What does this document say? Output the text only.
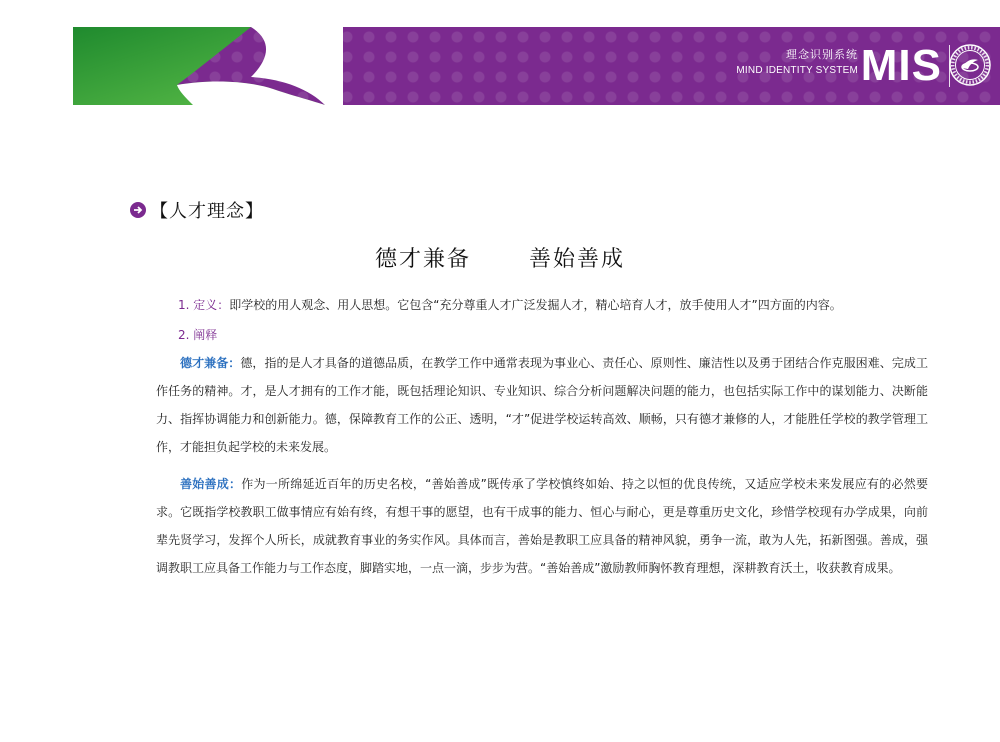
理念识别系统
MIND IDENTITY SYSTEM MIS
【人才理念】
德才兼备	善始善成
1. 定义：即学校的用人观念、用人思想。它包含“充分尊重人才广泛发掘人才，精心培育人才，放手使用人才”四方面的内容。
2. 阐释

德才兼备：德，指的是人才具备的道德品质，在教学工作中通常表现为事业心、责任心、原则性、廉洁性以及勇于团结合作克服困难、完成工作任务的精神。才，是人才拥有的工作才能，既包括理论知识、专业知识、综合分析问题解决问题的能力，也包括实际工作中的谋划能力、决断能力、指挥协调能力和创新能力。德，保障教育工作的公正、透明，“才”促进学校运转高效、顺畅，只有德才兼修的人，才能胜任学校的教学管理工作，才能担负起学校的未来发展。

善始善成：作为一所绵延近百年的历史名校，“善始善成”既传承了学校慎终如始、持之以恒的优良传统，又适应学校未来发展应有的必然要求。它既指学校教职工做事情应有始有终，有想干事的愿望，也有干成事的能力、恒心与耐心，更是尊重历史文化，珍惜学校现有办学成果，向前辈先贤学习，发挥个人所长，成就教育事业的务实作风。具体而言，善始是教职工应具备的精神风貌，勇争一流，敢为人先，拓新图强。善成，强调教职工应具备工作能力与工作态度，脚踏实地，一点一滴，步步为营。“善始善成”激励教师胸怀教育理想，深耕教育沃土，收获教育成果。
